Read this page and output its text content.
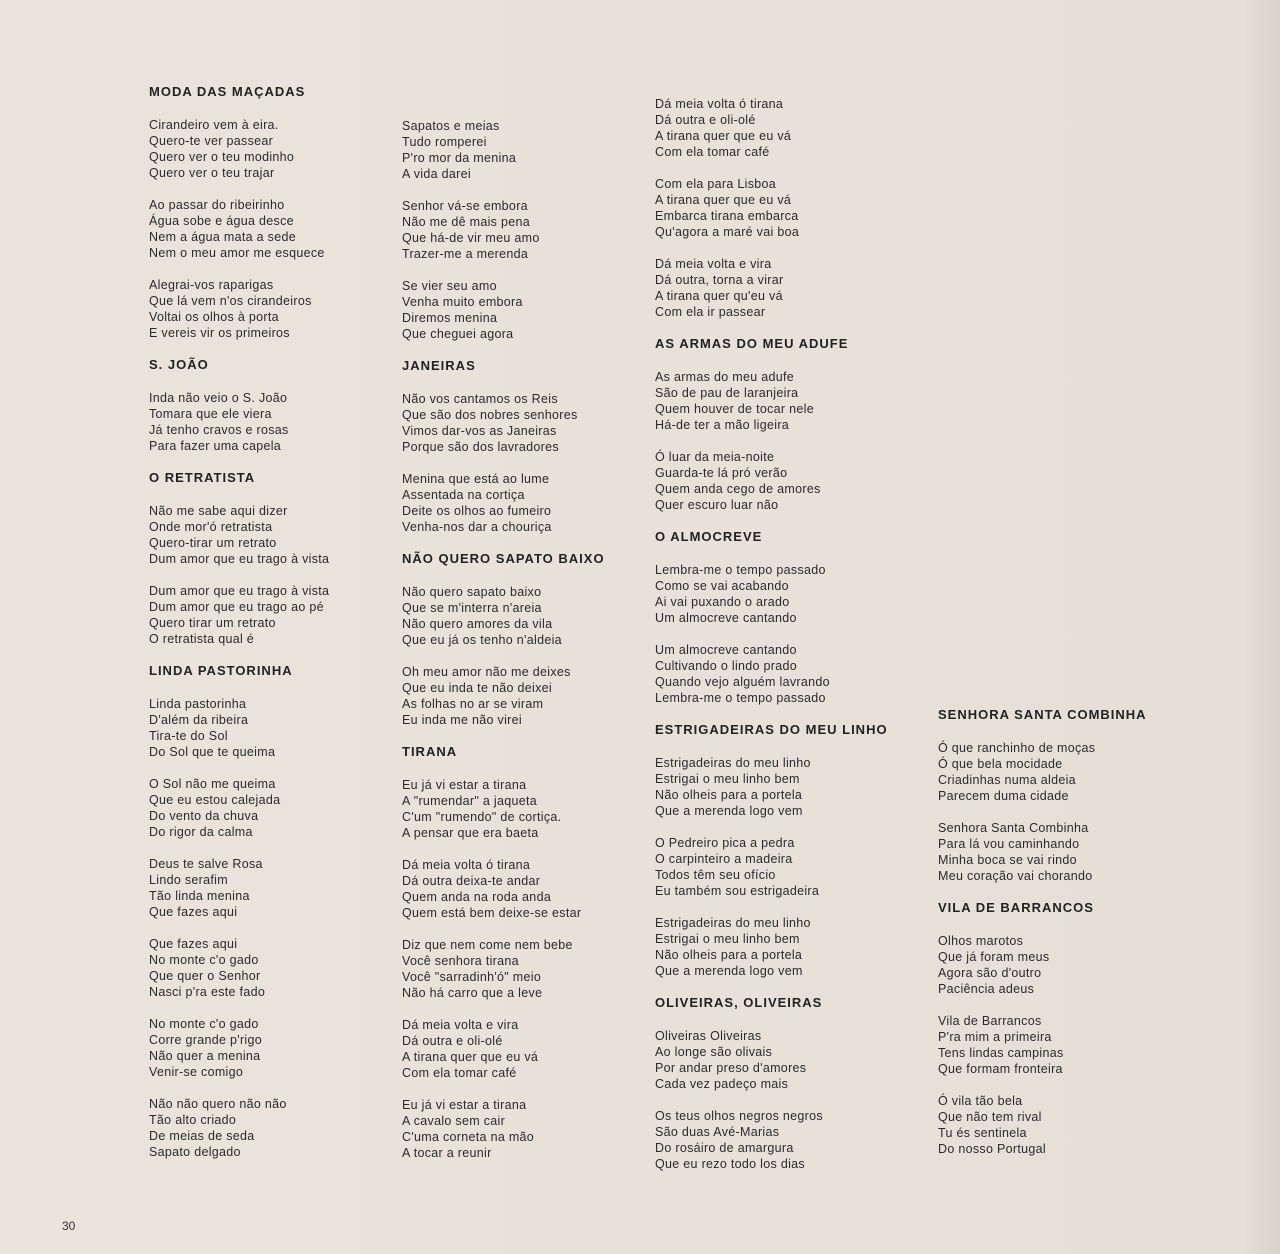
MODA DAS MAÇADAS
Cirandeiro vem à eira.
Quero-te ver passear
Quero ver o teu modinho
Quero ver o teu trajar
Ao passar do ribeirinho
Água sobe e água desce
Nem a água mata a sede
Nem o meu amor me esquece
Alegrai-vos raparigas
Que lá vem n'os cirandeiros
Voltai os olhos à porta
E vereis vir os primeiros
S. JOÃO
Inda não veio o S. João
Tomara que ele viera
Já tenho cravos e rosas
Para fazer uma capela
O RETRATISTA
Não me sabe aqui dizer
Onde mor'ó retratista
Quero-tirar um retrato
Dum amor que eu trago à vista
Dum amor que eu trago à vista
Dum amor que eu trago ao pé
Quero tirar um retrato
O retratista qual é
LINDA PASTORINHA
Linda pastorinha
D'além da ribeira
Tira-te do Sol
Do Sol que te queima
O Sol não me queima
Que eu estou calejada
Do vento da chuva
Do rigor da calma
Deus te salve Rosa
Lindo serafim
Tão linda menina
Que fazes aqui
Que fazes aqui
No monte c'o gado
Que quer o Senhor
Nasci p'ra este fado
No monte c'o gado
Corre grande p'rigo
Não quer a menina
Venir-se comigo
Não não quero não não
Tão alto criado
De meias de seda
Sapato delgado
Sapatos e meias
Tudo romperei
P'ro mor da menina
A vida darei
Senhor vá-se embora
Não me dê mais pena
Que há-de vir meu amo
Trazer-me a merenda
Se vier seu amo
Venha muito embora
Diremos menina
Que cheguei agora
JANEIRAS
Não vos cantamos os Reis
Que são dos nobres senhores
Vimos dar-vos as Janeiras
Porque são dos lavradores
Menina que está ao lume
Assentada na cortiça
Deite os olhos ao fumeiro
Venha-nos dar a chouriça
NÃO QUERO SAPATO BAIXO
Não quero sapato baixo
Que se m'interra n'areia
Não quero amores da vila
Que eu já os tenho n'aldeia
Oh meu amor não me deixes
Que eu inda te não deixei
As folhas no ar se viram
Eu inda me não virei
TIRANA
Eu já vi estar a tirana
A "rumendar" a jaqueta
C'um "rumendo" de cortiça.
A pensar que era baeta
Dá meia volta ó tirana
Dá outra deixa-te andar
Quem anda na roda anda
Quem está bem deixe-se estar
Diz que nem come nem bebe
Você senhora tirana
Você "sarradinh'ó" meio
Não há carro que a leve
Dá meia volta e vira
Dá outra e oli-olé
A tirana quer que eu vá
Com ela tomar café
Eu já vi estar a tirana
A cavalo sem cair
C'uma corneta na mão
A tocar a reunir
Dá meia volta ó tirana
Dá outra e oli-olé
A tirana quer que eu vá
Com ela tomar café
Com ela para Lisboa
A tirana quer que eu vá
Embarca tirana embarca
Qu'agora a maré vai boa
Dá meia volta e vira
Dá outra, torna a virar
A tirana quer qu'eu vá
Com ela ir passear
AS ARMAS DO MEU ADUFE
As armas do meu adufe
São de pau de laranjeira
Quem houver de tocar nele
Há-de ter a mão ligeira
Ó luar da meia-noite
Guarda-te lá pró verão
Quem anda cego de amores
Quer escuro luar não
O ALMOCREVE
Lembra-me o tempo passado
Como se vai acabando
Ai vai puxando o arado
Um almocreve cantando
Um almocreve cantando
Cultivando o lindo prado
Quando vejo alguém lavrando
Lembra-me o tempo passado
ESTRIGADEIRAS DO MEU LINHO
Estrigadeiras do meu linho
Estrigai o meu linho bem
Não olheis para a portela
Que a merenda logo vem
O Pedreiro pica a pedra
O carpinteiro a madeira
Todos têm seu ofício
Eu também sou estrigadeira
Estrigadeiras do meu linho
Estrigai o meu linho bem
Não olheis para a portela
Que a merenda logo vem
OLIVEIRAS, OLIVEIRAS
Oliveiras Oliveiras
Ao longe são olivais
Por andar preso d'amores
Cada vez padeço mais
Os teus olhos negros negros
São duas Avé-Marias
Do rosáiro de amargura
Que eu rezo todo los dias
SENHORA SANTA COMBINHA
Ó que ranchinho de moças
Ó que bela mocidade
Criadinhas numa aldeia
Parecem duma cidade
Senhora Santa Combinha
Para lá vou caminhando
Minha boca se vai rindo
Meu coração vai chorando
VILA DE BARRANCOS
Olhos marotos
Que já foram meus
Agora são d'outro
Paciência adeus
Vila de Barrancos
P'ra mim a primeira
Tens lindas campinas
Que formam fronteira
Ó vila tão bela
Que não tem rival
Tu és sentinela
Do nosso Portugal
30
